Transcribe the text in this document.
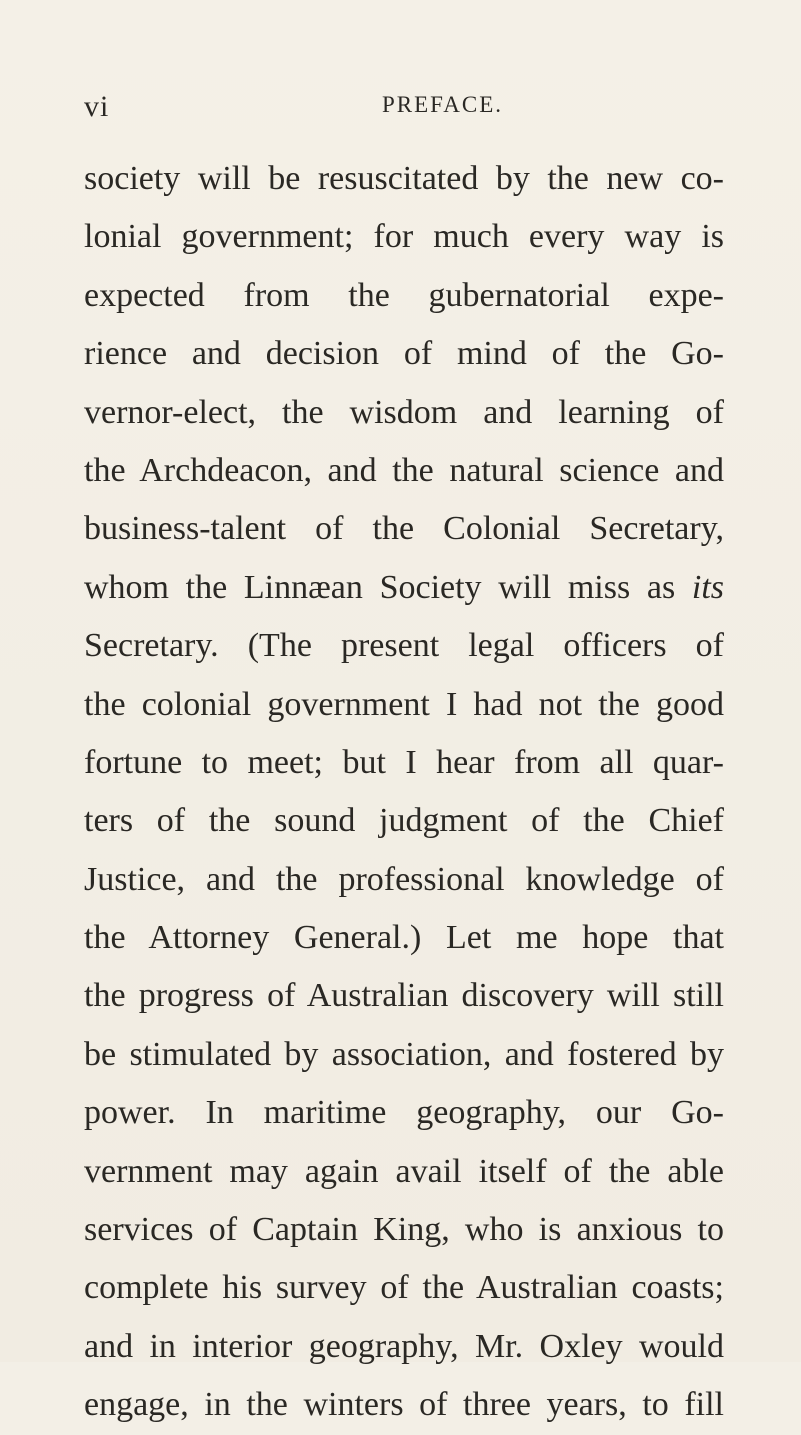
vi	PREFACE.
society will be resuscitated by the new co-
lonial government; for much every way is
expected from the gubernatorial expe-
rience and decision of mind of the Go-
vernor-elect, the wisdom and learning of
the Archdeacon, and the natural science and
business-talent of the Colonial Secretary,
whom the Linnæan Society will miss as its
Secretary. (The present legal officers of
the colonial government I had not the good
fortune to meet; but I hear from all quar-
ters of the sound judgment of the Chief
Justice, and the professional knowledge of
the Attorney General.) Let me hope that
the progress of Australian discovery will still
be stimulated by association, and fostered by
power. In maritime geography, our Go-
vernment may again avail itself of the able
services of Captain King, who is anxious to
complete his survey of the Australian coasts;
and in interior geography, Mr. Oxley would
engage, in the winters of three years, to fill
